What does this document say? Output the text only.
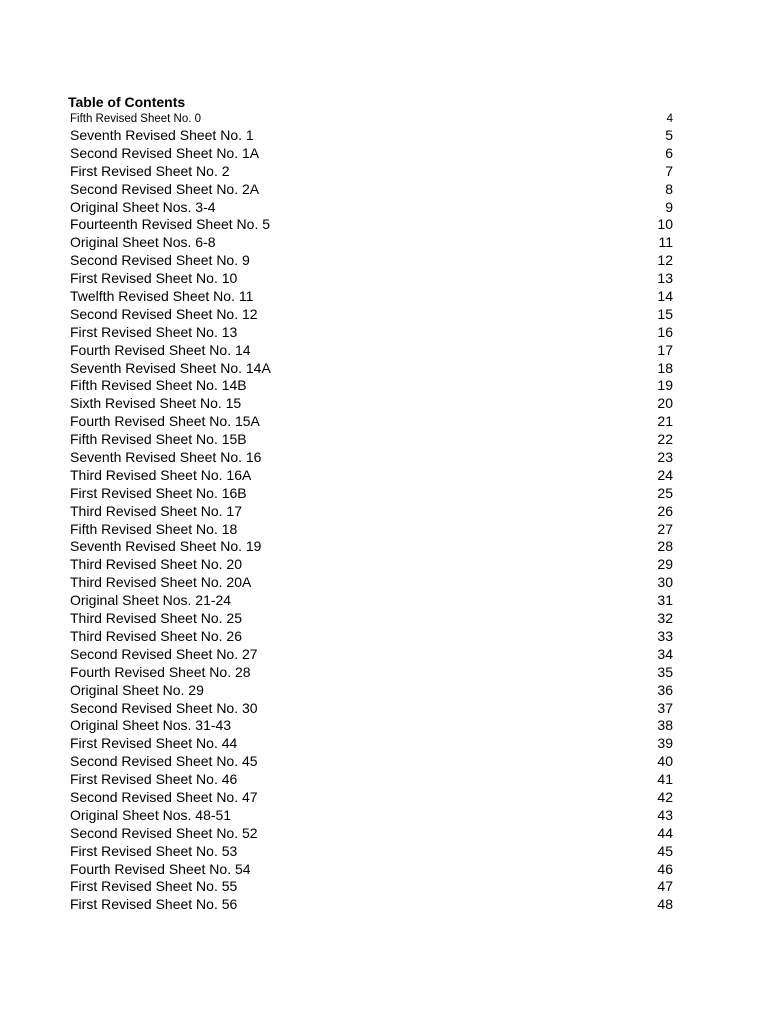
Table of Contents
Fifth Revised Sheet No. 0	4
Seventh Revised Sheet No. 1	5
Second Revised Sheet No. 1A	6
First Revised Sheet No. 2	7
Second Revised Sheet No. 2A	8
Original Sheet Nos. 3-4	9
Fourteenth Revised Sheet No. 5	10
Original Sheet Nos. 6-8	11
Second Revised Sheet No. 9	12
First Revised Sheet No. 10	13
Twelfth Revised Sheet No. 11	14
Second Revised Sheet No. 12	15
First Revised Sheet No. 13	16
Fourth Revised Sheet No. 14	17
Seventh Revised Sheet No. 14A	18
Fifth Revised Sheet No. 14B	19
Sixth Revised Sheet No. 15	20
Fourth Revised Sheet No. 15A	21
Fifth Revised Sheet No. 15B	22
Seventh Revised Sheet No. 16	23
Third Revised Sheet No. 16A	24
First Revised Sheet No. 16B	25
Third Revised Sheet No. 17	26
Fifth Revised Sheet No. 18	27
Seventh Revised Sheet No. 19	28
Third Revised Sheet No. 20	29
Third Revised Sheet No. 20A	30
Original Sheet Nos. 21-24	31
Third Revised Sheet No. 25	32
Third Revised Sheet No. 26	33
Second Revised Sheet No. 27	34
Fourth Revised Sheet No. 28	35
Original Sheet No. 29	36
Second Revised Sheet No. 30	37
Original Sheet Nos. 31-43	38
First Revised Sheet No. 44	39
Second Revised Sheet No. 45	40
First Revised Sheet No. 46	41
Second Revised Sheet No. 47	42
Original Sheet Nos. 48-51	43
Second Revised Sheet No. 52	44
First Revised Sheet No. 53	45
Fourth Revised Sheet No. 54	46
First Revised Sheet No. 55	47
First Revised Sheet No. 56	48
